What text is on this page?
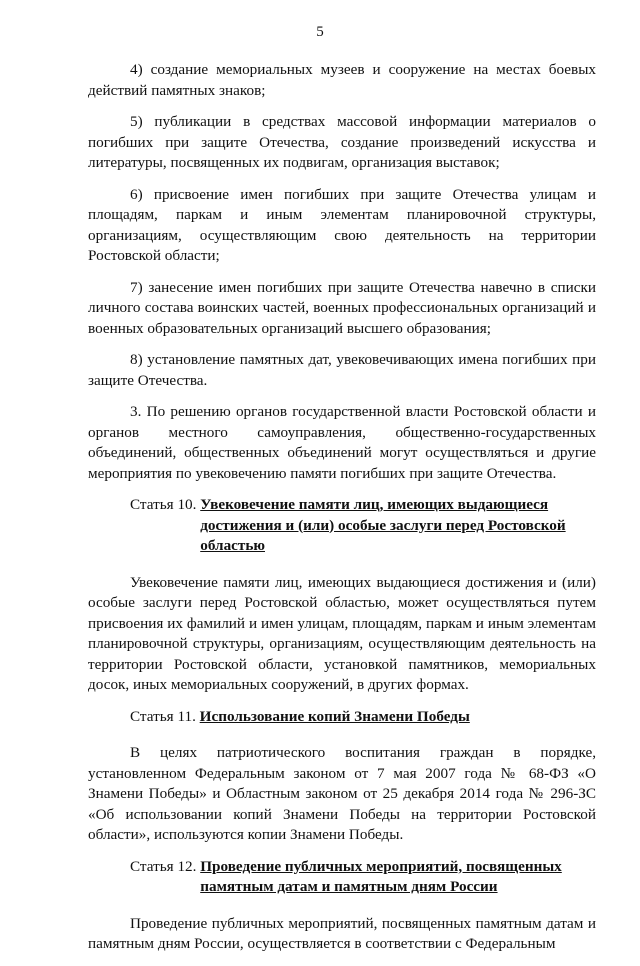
5

4) создание мемориальных музеев и сооружение на местах боевых действий памятных знаков;

5) публикации в средствах массовой информации материалов о погибших при защите Отечества, создание произведений искусства и литературы, посвященных их подвигам, организация выставок;

6) присвоение имен погибших при защите Отечества улицам и площадям, паркам и иным элементам планировочной структуры, организациям, осуществляющим свою деятельность на территории Ростовской области;

7) занесение имен погибших при защите Отечества навечно в списки личного состава воинских частей, военных профессиональных организаций и военных образовательных организаций высшего образования;

8) установление памятных дат, увековечивающих имена погибших при защите Отечества.

3. По решению органов государственной власти Ростовской области и органов местного самоуправления, общественно-государственных объединений, общественных объединений могут осуществляться и другие мероприятия по увековечению памяти погибших при защите Отечества.

Статья 10. Увековечение памяти лиц, имеющих выдающиеся достижения и (или) особые заслуги перед Ростовской областью

Увековечение памяти лиц, имеющих выдающиеся достижения и (или) особые заслуги перед Ростовской областью, может осуществляться путем присвоения их фамилий и имен улицам, площадям, паркам и иным элементам планировочной структуры, организациям, осуществляющим деятельность на территории Ростовской области, установкой памятников, мемориальных досок, иных мемориальных сооружений, в других формах.

Статья 11. Использование копий Знамени Победы

В целях патриотического воспитания граждан в порядке, установленном Федеральным законом от 7 мая 2007 года № 68-ФЗ «О Знамени Победы» и Областным законом от 25 декабря 2014 года № 296-ЗС «Об использовании копий Знамени Победы на территории Ростовской области», используются копии Знамени Победы.

Статья 12. Проведение публичных мероприятий, посвященных памятным датам и памятным дням России

Проведение публичных мероприятий, посвященных памятным датам и памятным дням России, осуществляется в соответствии с Федеральным
